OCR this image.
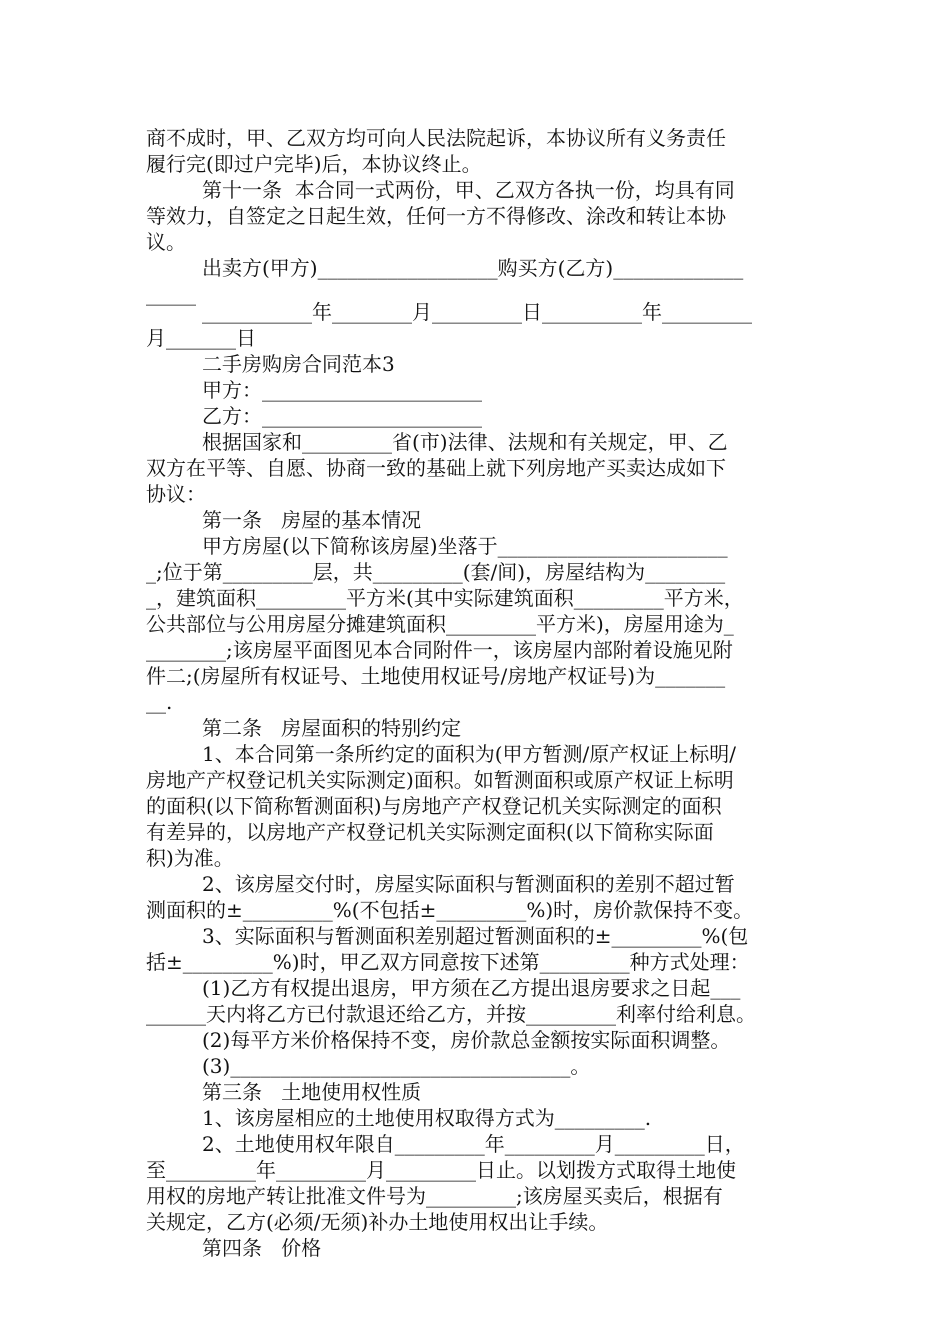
商不成时，甲、乙双方均可向人民法院起诉，本协议所有义务责任
履行完(即过户完毕)后，本协议终止。
第十一条  本合同一式两份，甲、乙双方各执一份，均具有同
等效力，自签定之日起生效，任何一方不得修改、涂改和转让本协
议。
出卖方(甲方)__________________购买方(乙方)_____________
_____
___________年________月_________日__________年_________
月_______日
二手房购房合同范本3
甲方：______________________
乙方：______________________
根据国家和_________省(市)法律、法规和有关规定，甲、乙
双方在平等、自愿、协商一致的基础上就下列房地产买卖达成如下
协议：
第一条   房屋的基本情况
甲方房屋(以下简称该房屋)坐落于_______________________
_;位于第_________层，共_________(套/间)，房屋结构为________
_，建筑面积_________平方米(其中实际建筑面积_________平方米，
公共部位与公用房屋分摊建筑面积_________平方米)，房屋用途为_
________;该房屋平面图见本合同附件一，该房屋内部附着设施见附
件二;(房屋所有权证号、土地使用权证号/房地产权证号)为_______
__.
第二条   房屋面积的特别约定
1、本合同第一条所约定的面积为(甲方暂测/原产权证上标明/
房地产产权登记机关实际测定)面积。如暂测面积或原产权证上标明
的面积(以下简称暂测面积)与房地产产权登记机关实际测定的面积
有差异的，以房地产产权登记机关实际测定面积(以下简称实际面
积)为准。
2、该房屋交付时，房屋实际面积与暂测面积的差别不超过暂
测面积的±_________%(不包括±_________%)时，房价款保持不变。
3、实际面积与暂测面积差别超过暂测面积的±_________%(包
括±_________%)时，甲乙双方同意按下述第_________种方式处理：
(1)乙方有权提出退房，甲方须在乙方提出退房要求之日起___
______天内将乙方已付款退还给乙方，并按_________利率付给利息。
(2)每平方米价格保持不变，房价款总金额按实际面积调整。
(3)__________________________________。
第三条   土地使用权性质
1、该房屋相应的土地使用权取得方式为_________.
2、土地使用权年限自_________年_________月_________日，
至_________年_________月_________日止。以划拨方式取得土地使
用权的房地产转让批准文件号为_________;该房屋买卖后，根据有
关规定，乙方(必须/无须)补办土地使用权出让手续。
第四条   价格
